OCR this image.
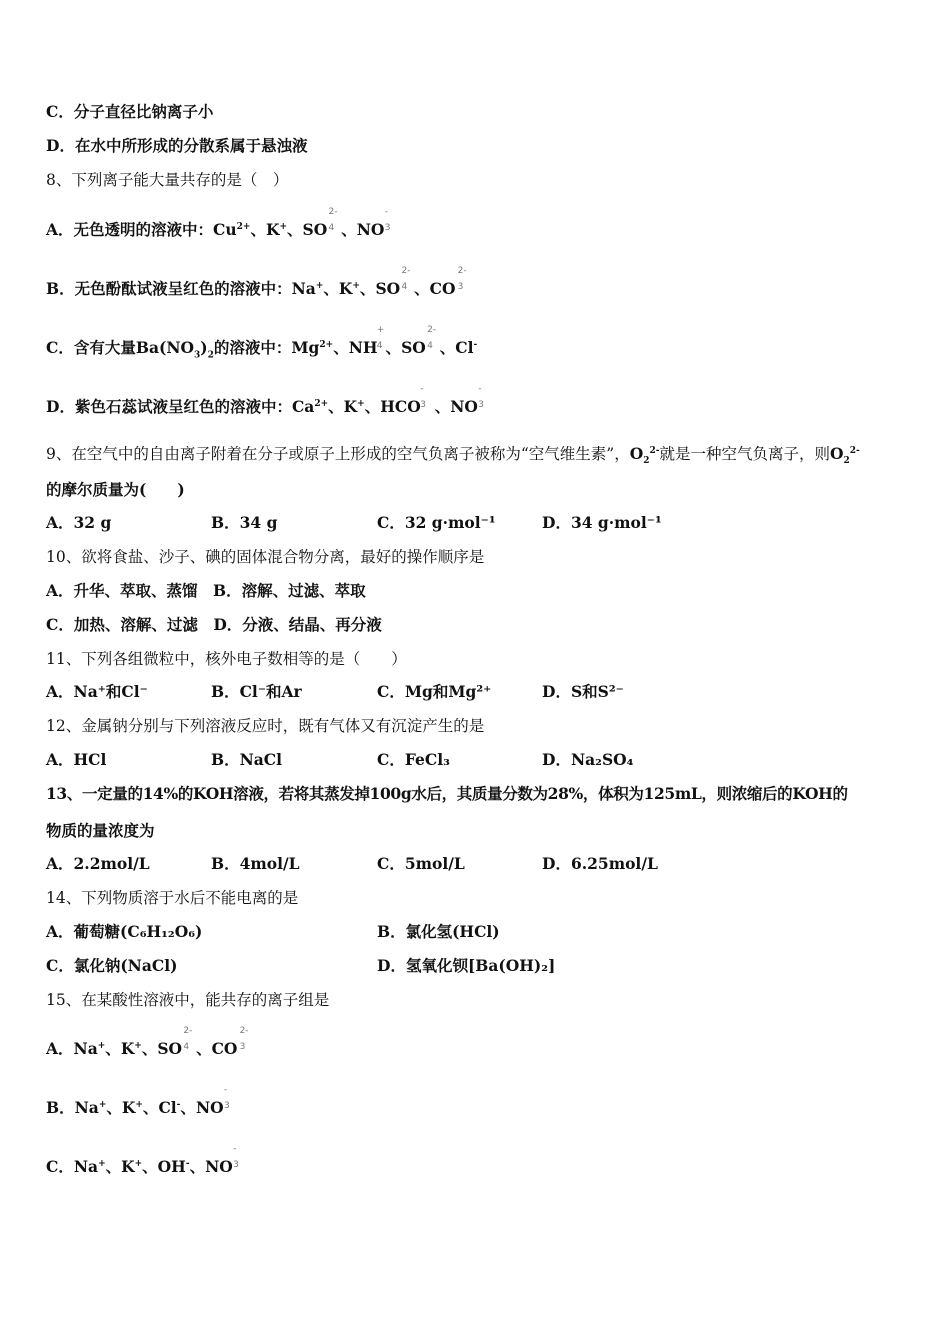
C．分子直径比钠离子小
D．在水中所形成的分散系属于悬浊液
8、下列离子能大量共存的是（　）
A．无色透明的溶液中：$Cu^{2+}$、K+、SO
2-
4 、NO
-
3
B．无色酚酞试液呈红色的溶液中：Na+、K+、SO
2-
4 、CO
2-
3
C．含有大量$Ba(NO_3)_2$的溶液中：$Mg^{2+}$、NH
+
4 、SO
2-
4 、Cl-
D．紫色石蕊试液呈红色的溶液中：$Ca^{2+}$、K+、HCO
-
3 、NO
-
3
9、在空气中的自由离子附着在分子或原子上形成的空气负离子被称为“空气维生素”，$O_2^{2-}$就是一种空气负离子，则$O_2^{2-}$
的摩尔质量为(　　)
A．32 g	B．34 g	C．32 g·mol⁻¹	D．34 g·mol⁻¹
10、欲将食盐、沙子、碘的固体混合物分离，最好的操作顺序是
A．升华、萃取、蒸馏　B．溶解、过滤、萃取
C．加热、溶解、过滤　D．分液、结晶、再分液
11、下列各组微粒中，核外电子数相等的是（　　）
A．Na⁺和Cl⁻	B．Cl⁻和Ar	C．Mg和Mg²⁺	D．S和S²⁻
12、金属钠分别与下列溶液反应时，既有气体又有沉淀产生的是
A．HCl	B．NaCl	C．FeCl₃	D．Na₂SO₄
13、一定量的14%的KOH溶液，若将其蒸发掉100g水后，其质量分数为28%，体积为125mL，则浓缩后的KOH的
物质的量浓度为
A．2.2mol/L	B．4mol/L	C．5mol/L	D．6.25mol/L
14、下列物质溶于水后不能电离的是
A．葡萄糖(C₆H₁₂O₆)	B．氯化氢(HCl)
C．氯化钠(NaCl)	D．氢氧化钡[Ba(OH)₂]
15、在某酸性溶液中，能共存的离子组是
A．Na+、K+、SO
2-
4 、CO
2-
3
B．Na+、K+、Cl-、NO
-
3
C．Na+、K+、OH-、NO
-
3
